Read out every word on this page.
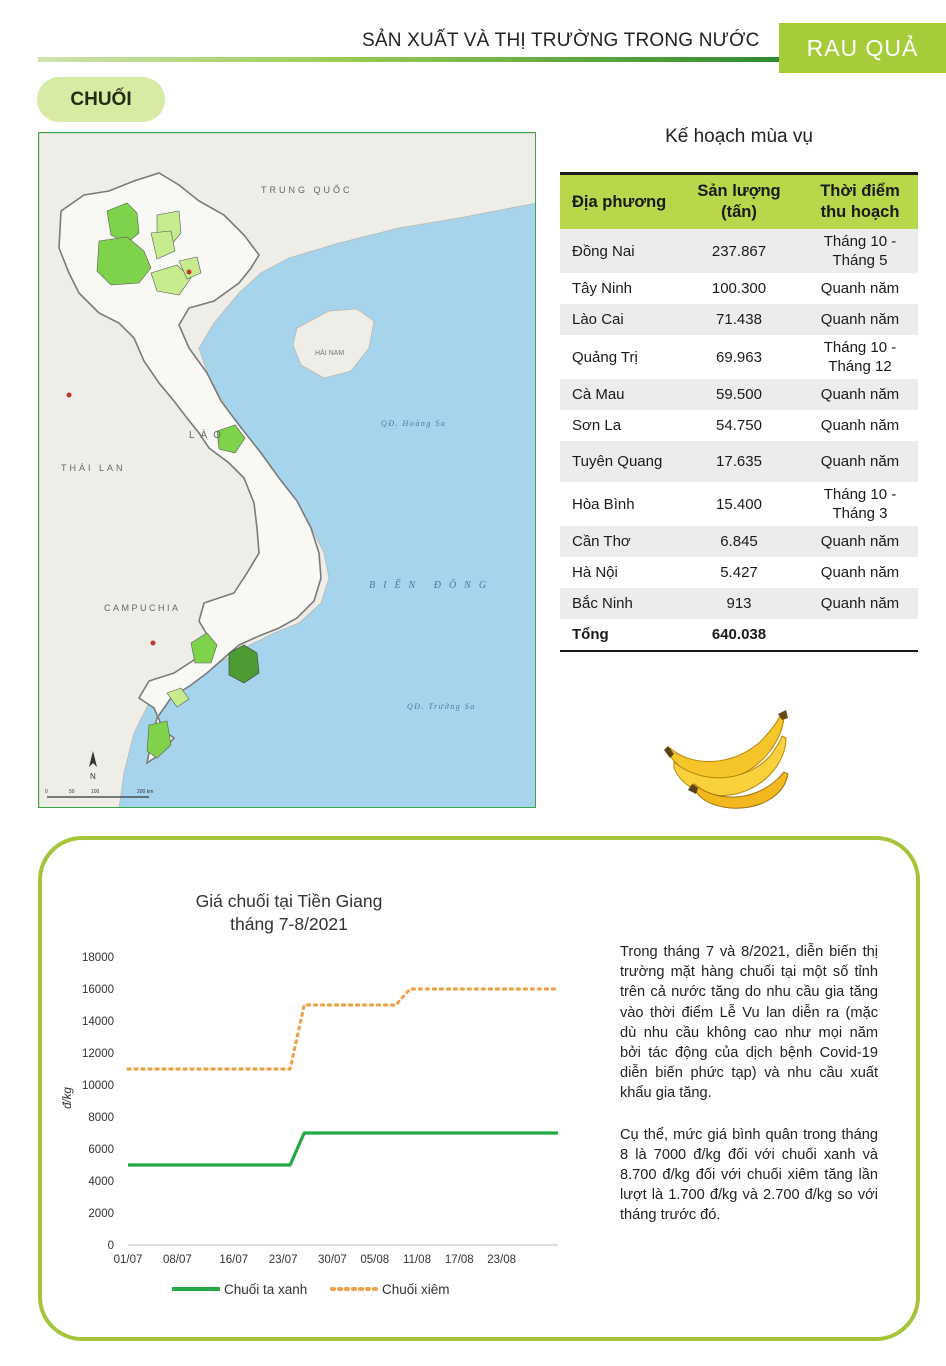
SẢN XUẤT VÀ THỊ TRƯỜNG TRONG NƯỚC	RAU QUẢ
CHUỐI
TRUNG QUỐC
LÀO
THÁI LAN
CAMPUCHIA
HẢI NAM
QĐ. Hoàng Sa
BIỂN ĐÔNG
QĐ. Trường Sa
N
0	50	100	200 km
Kế hoạch mùa vụ
Địa phương	Sản lượng (tấn)	Thời điểm thu hoạch
Đồng Nai	237.867	Tháng 10 - Tháng 5
Tây Ninh	100.300	Quanh năm
Lào Cai	71.438	Quanh năm
Quảng Trị	69.963	Tháng 10 - Tháng 12
Cà Mau	59.500	Quanh năm
Sơn La	54.750	Quanh năm
Tuyên Quang	17.635	Quanh năm
Hòa Bình	15.400	Tháng 10 - Tháng 3
Cần Thơ	6.845	Quanh năm
Hà Nội	5.427	Quanh năm
Bắc Ninh	913	Quanh năm
Tổng	640.038	
Giá chuối tại Tiền Giang
tháng 7-8/2021
đ/kg
0
2000
4000
6000
8000
10000
12000
14000
16000
18000
01/07 08/07 16/07 23/07 30/07 05/08 11/08 17/08 23/08
Chuối ta xanh	Chuối xiêm

Trong tháng 7 và 8/2021, diễn biến thị trường mặt hàng chuối tại một số tỉnh trên cả nước tăng do nhu cầu gia tăng vào thời điểm Lễ Vu lan diễn ra (mặc dù nhu cầu không cao như mọi năm bởi tác động của dịch bệnh Covid-19 diễn biến phức tạp) và nhu cầu xuất khẩu gia tăng.

Cụ thể, mức giá bình quân trong tháng 8 là 7000 đ/kg đối với chuối xanh và 8.700 đ/kg đối với chuối xiêm tăng lần lượt là 1.700 đ/kg và 2.700 đ/kg so với tháng trước đó.
